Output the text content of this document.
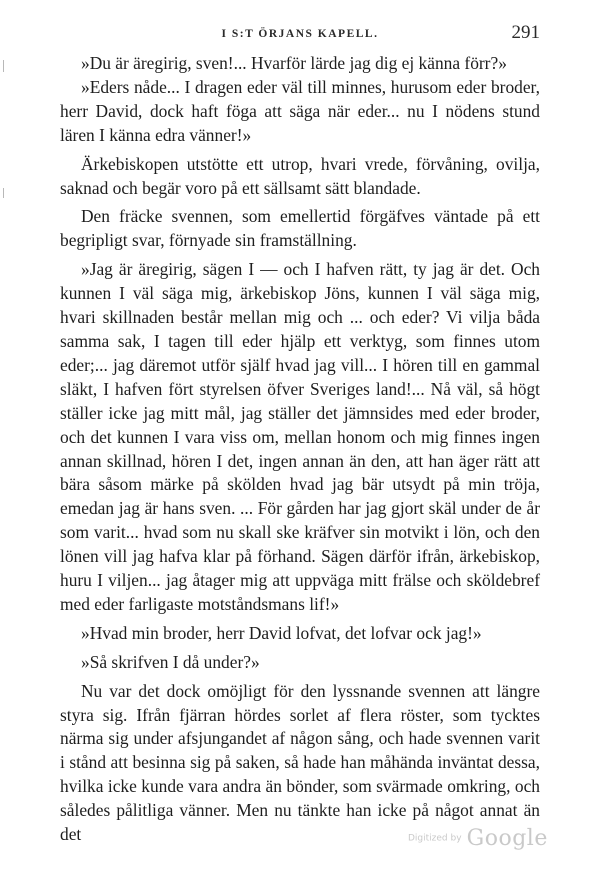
I S:T ÖRJANS KAPELL.	291

»Du är äregirig, sven!... Hvarför lärde jag dig ej känna förr?»

»Eders nåde... I dragen eder väl till minnes, hurusom eder broder, herr David, dock haft föga att säga när eder... nu I nödens stund lären I känna edra vänner!»

Ärkebiskopen utstötte ett utrop, hvari vrede, förvåning, ovilja, saknad och begär voro på ett sällsamt sätt blandade.

Den fräcke svennen, som emellertid förgäfves väntade på ett begripligt svar, förnyade sin framställning.

»Jag är äregirig, sägen I — och I hafven rätt, ty jag är det. Och kunnen I väl säga mig, ärkebiskop Jöns, kunnen I väl säga mig, hvari skillnaden består mellan mig och ... och eder? Vi vilja båda samma sak, I tagen till eder hjälp ett verktyg, som finnes utom eder;... jag däremot utför själf hvad jag vill... I hören till en gammal släkt, I hafven fört styrelsen öfver Sveriges land!... Nå väl, så högt ställer icke jag mitt mål, jag ställer det jämnsides med eder broder, och det kunnen I vara viss om, mellan honom och mig finnes ingen annan skillnad, hören I det, ingen annan än den, att han äger rätt att bära såsom märke på skölden hvad jag bär utsydt på min tröja, emedan jag är hans sven. ... För gården har jag gjort skäl under de år som varit... hvad som nu skall ske kräfver sin motvikt i lön, och den lönen vill jag hafva klar på förhand. Sägen därför ifrån, ärkebiskop, huru I viljen... jag åtager mig att uppväga mitt frälse och sköldebref med eder farligaste motståndsmans lif!»

»Hvad min broder, herr David lofvat, det lofvar ock jag!»

»Så skrifven I då under?»

Nu var det dock omöjligt för den lyssnande svennen att längre styra sig. Ifrån fjärran hördes sorlet af flera röster, som tycktes närma sig under afsjungandet af någon sång, och hade svennen varit i stånd att besinna sig på saken, så hade han måhända inväntat dessa, hvilka icke kunde vara andra än bönder, som svärmade omkring, och således pålitliga vänner. Men nu tänkte han icke på något annat än det	Digitized by Google
